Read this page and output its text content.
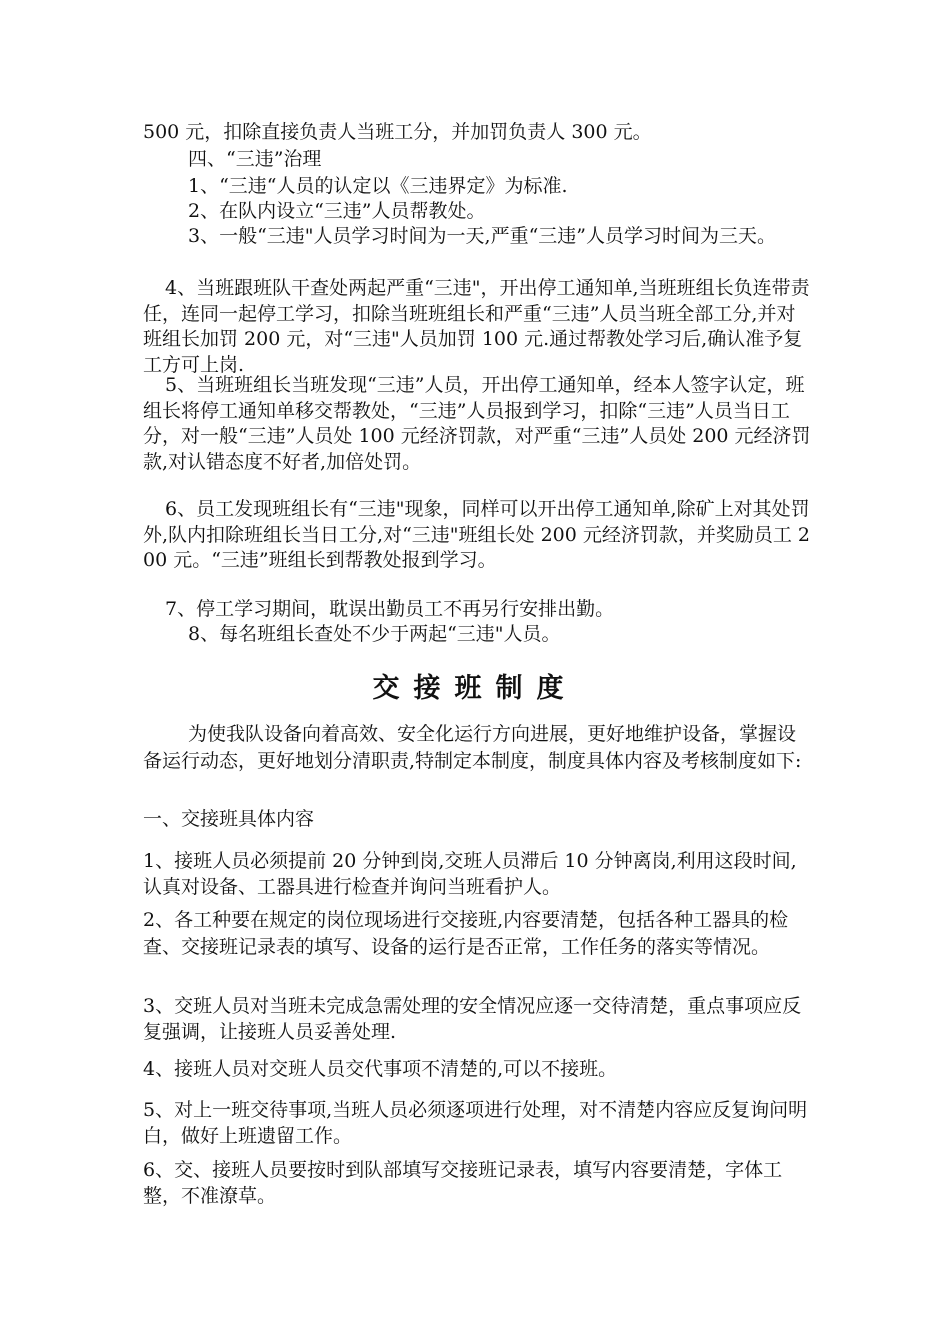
500 元，扣除直接负责人当班工分，并加罚负责人 300 元。
四、“三违”治理
1、“三违“人员的认定以《三违界定》为标准.
2、在队内设立“三违”人员帮教处。
3、一般“三违"人员学习时间为一天,严重“三违”人员学习时间为三天。
4、当班跟班队干查处两起严重“三违"，开出停工通知单,当班班组长负连带责任，连同一起停工学习，扣除当班班组长和严重“三违”人员当班全部工分,并对班组长加罚 200 元，对“三违"人员加罚 100 元.通过帮教处学习后,确认准予复工方可上岗.
5、当班班组长当班发现“三违”人员，开出停工通知单，经本人签字认定，班组长将停工通知单移交帮教处，“三违”人员报到学习，扣除“三违”人员当日工分，对一般“三违”人员处 100 元经济罚款，对严重“三违”人员处 200 元经济罚款,对认错态度不好者,加倍处罚。
6、员工发现班组长有“三违"现象，同样可以开出停工通知单,除矿上对其处罚外,队内扣除班组长当日工分,对“三违"班组长处 200 元经济罚款，并奖励员工 200 元。“三违”班组长到帮教处报到学习。
7、停工学习期间，耽误出勤员工不再另行安排出勤。
8、每名班组长查处不少于两起“三违"人员。
交接班制度
为使我队设备向着高效、安全化运行方向进展，更好地维护设备，掌握设备运行动态，更好地划分清职责,特制定本制度，制度具体内容及考核制度如下:
一、交接班具体内容
1、接班人员必须提前 20 分钟到岗,交班人员滞后 10 分钟离岗,利用这段时间,认真对设备、工器具进行检查并询问当班看护人。
2、各工种要在规定的岗位现场进行交接班,内容要清楚，包括各种工器具的检查、交接班记录表的填写、设备的运行是否正常，工作任务的落实等情况。
3、交班人员对当班未完成急需处理的安全情况应逐一交待清楚，重点事项应反复强调，让接班人员妥善处理.
4、接班人员对交班人员交代事项不清楚的,可以不接班。
5、对上一班交待事项,当班人员必须逐项进行处理，对不清楚内容应反复询问明白，做好上班遗留工作。
6、交、接班人员要按时到队部填写交接班记录表，填写内容要清楚，字体工整，不准潦草。
